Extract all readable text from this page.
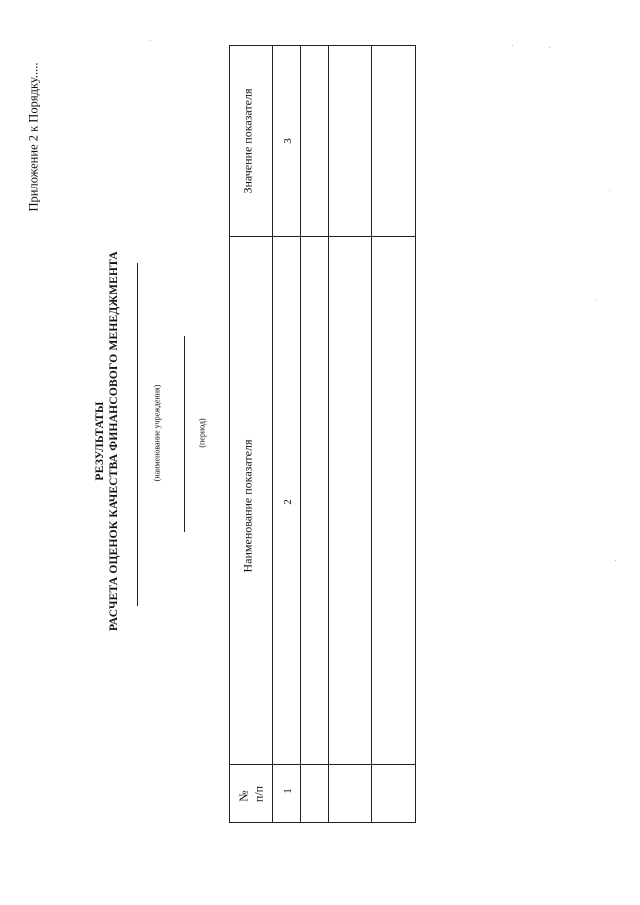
Приложение 2 к Порядку.....
РЕЗУЛЬТАТЫ РАСЧЕТА ОЦЕНОК КАЧЕСТВА ФИНАНСОВОГО МЕНЕДЖМЕНТА	(наименование учреждения)	(период)
Значение показателя
Наименование показателя
№ п/п
3
2
1
